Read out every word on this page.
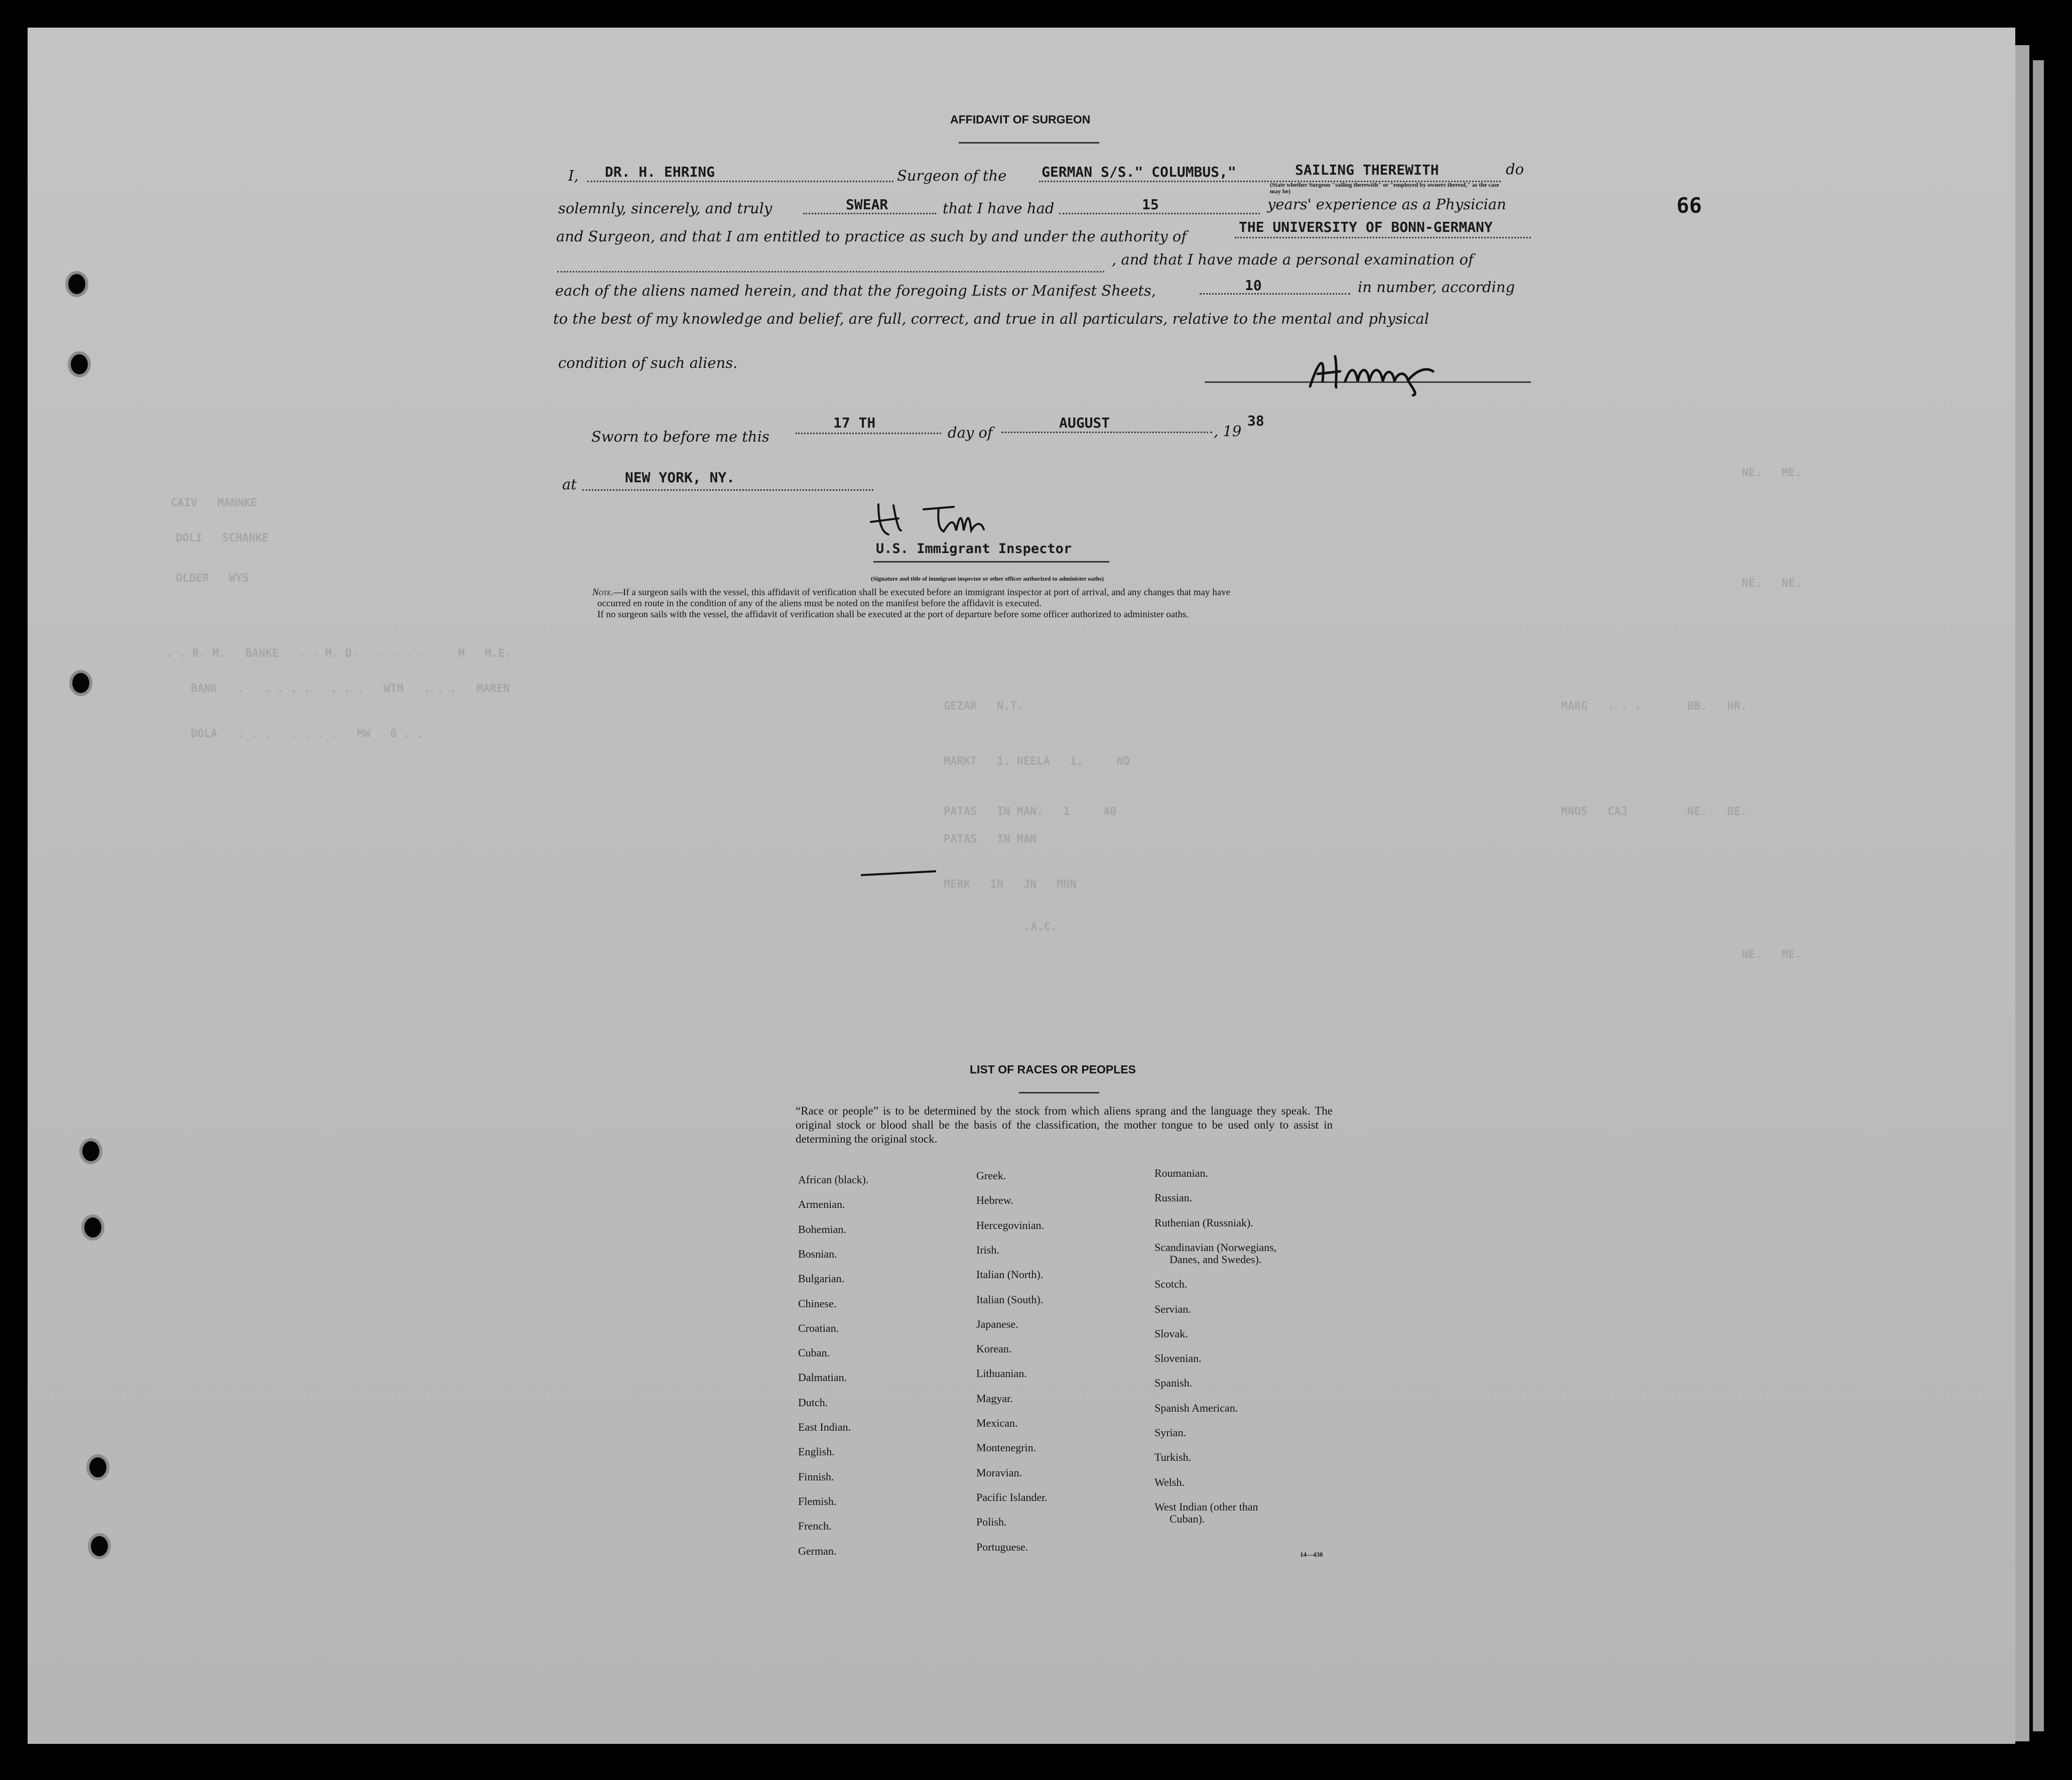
CAIV   MANNKE
DOLI   SCHANKE
OLDER   WYS
. . R. M.   BANKE   . . M. D.   . . . .   . M   M.E.
BANK   .   . . . .   . . .   WTM   . . .   MAREN
DOLA   . . .   . . . .   MW   0 . .
GEZAR   N.T.
MARKT   1. NEELA   1.     NO
PATAS   IN MAN.   1     40
PATAS   IN MAN
MERK   IN   JN   MNN
.A.C.
MARG   . . .       BB.   HR.
MNOS   CAJ         NE.   BE.
NE.   ME.
NE.   NE.
NE.   ME.
66
AFFIDAVIT OF SURGEON
I, DR. H. EHRING	Surgeon of the GERMAN S/S." COLUMBUS,"	SAILING THEREWITH
(State whether Surgeon "sailing therewith" or "employed by owners thereof," as the case may be)
do
solemnly, sincerely, and truly	SWEAR	that I have had	15	years' experience as a Physician
and Surgeon, and that I am entitled to practice as such by and under the authority of
THE UNIVERSITY OF BONN-GERMANY
, and that I have made a personal examination of
each of the aliens named herein, and that the foregoing Lists or Manifest Sheets,	10	in number, according
to the best of my knowledge and belief, are full, correct, and true in all particulars, relative to the mental and physical
condition of such aliens.
Sworn to before me this
17 TH
day of
AUGUST	, 19
38
at	NEW YORK, NY.
U.S. Immigrant Inspector
(Signature and title of immigrant inspector or other officer authorized to administer oaths)
Note.—If a surgeon sails with the vessel, this affidavit of verification shall be executed before an immigrant inspector at port of arrival, and any changes that may have
occurred en route in the condition of any of the aliens must be noted on the manifest before the affidavit is executed.
If no surgeon sails with the vessel, the affidavit of verification shall be executed at the port of departure before some officer authorized to administer oaths.
LIST OF RACES OR PEOPLES
“Race or people” is to be determined by the stock from which aliens sprang and the language they speak. The original stock or blood shall be the basis of the classification, the mother tongue to be used only to assist in determining the original stock.
African (black).
Armenian.
Bohemian.
Bosnian.
Bulgarian.
Chinese.
Croatian.
Cuban.
Dalmatian.
Dutch.
East Indian.
English.
Finnish.
Flemish.
French.
German.
Greek.
Hebrew.
Hercegovinian.
Irish.
Italian (North).
Italian (South).
Japanese.
Korean.
Lithuanian.
Magyar.
Mexican.
Montenegrin.
Moravian.
Pacific Islander.
Polish.
Portuguese.
Roumanian.
Russian.
Ruthenian (Russniak).
Scandinavian (Norwegians,
Danes, and Swedes).
Scotch.
Servian.
Slovak.
Slovenian.
Spanish.
Spanish American.
Syrian.
Turkish.
Welsh.
West Indian (other than
Cuban).
14—430
